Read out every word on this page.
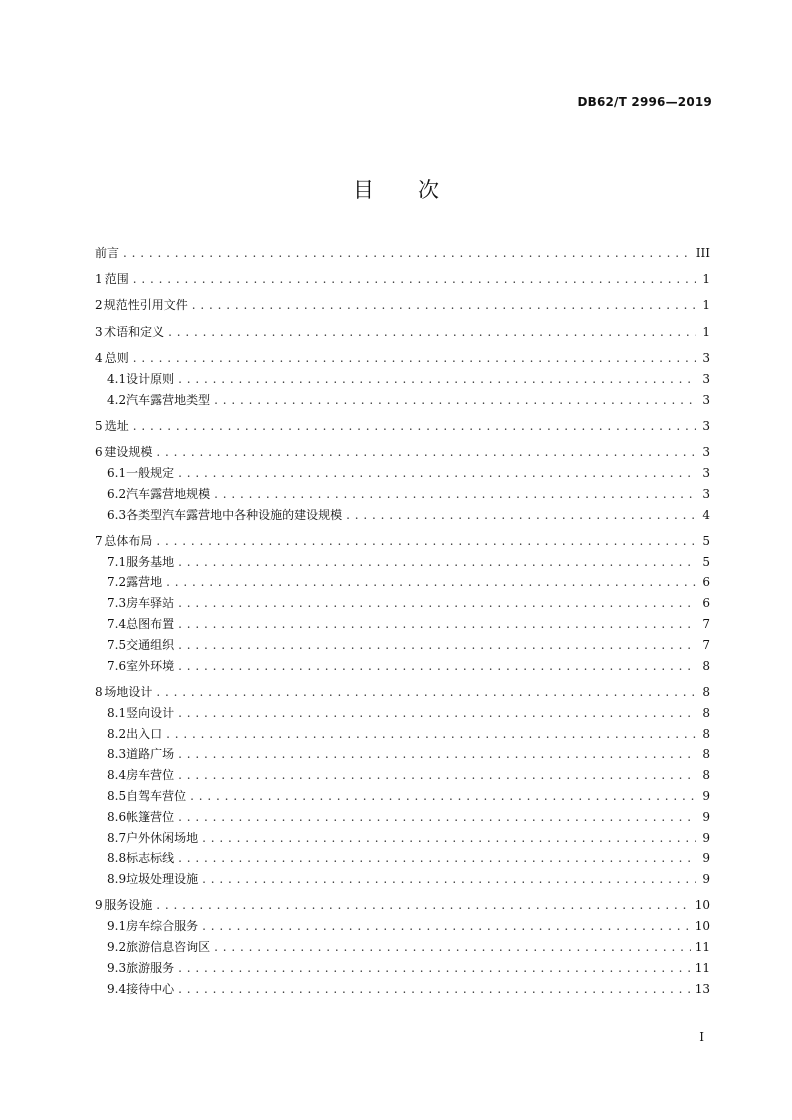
DB62/T 2996—2019
目次
前言 . . .	III
1 范围 . . .	1
2 规范性引用文件 . . .	1
3 术语和定义 . . .	1
4 总则 . . .	3
4.1 设计原则 . . .	3
4.2 汽车露营地类型 . . .	3
5 选址 . . .	3
6 建设规模 . . .	3
6.1 一般规定 . . .	3
6.2 汽车露营地规模 . . .	3
6.3 各类型汽车露营地中各种设施的建设规模 . . .	4
7 总体布局 . . .	5
7.1 服务基地 . . .	5
7.2 露营地 . . .	6
7.3 房车驿站 . . .	6
7.4 总图布置 . . .	7
7.5 交通组织 . . .	7
7.6 室外环境 . . .	8
8 场地设计 . . .	8
8.1 竖向设计 . . .	8
8.2 出入口 . . .	8
8.3 道路广场 . . .	8
8.4 房车营位 . . .	8
8.5 自驾车营位 . . .	9
8.6 帐篷营位 . . .	9
8.7 户外休闲场地 . . .	9
8.8 标志标线 . . .	9
8.9 垃圾处理设施 . . .	9
9 服务设施 . . .	10
9.1 房车综合服务 . . .	10
9.2 旅游信息咨询区 . . .	11
9.3 旅游服务 . . .	11
9.4 接待中心 . . .	13
I
